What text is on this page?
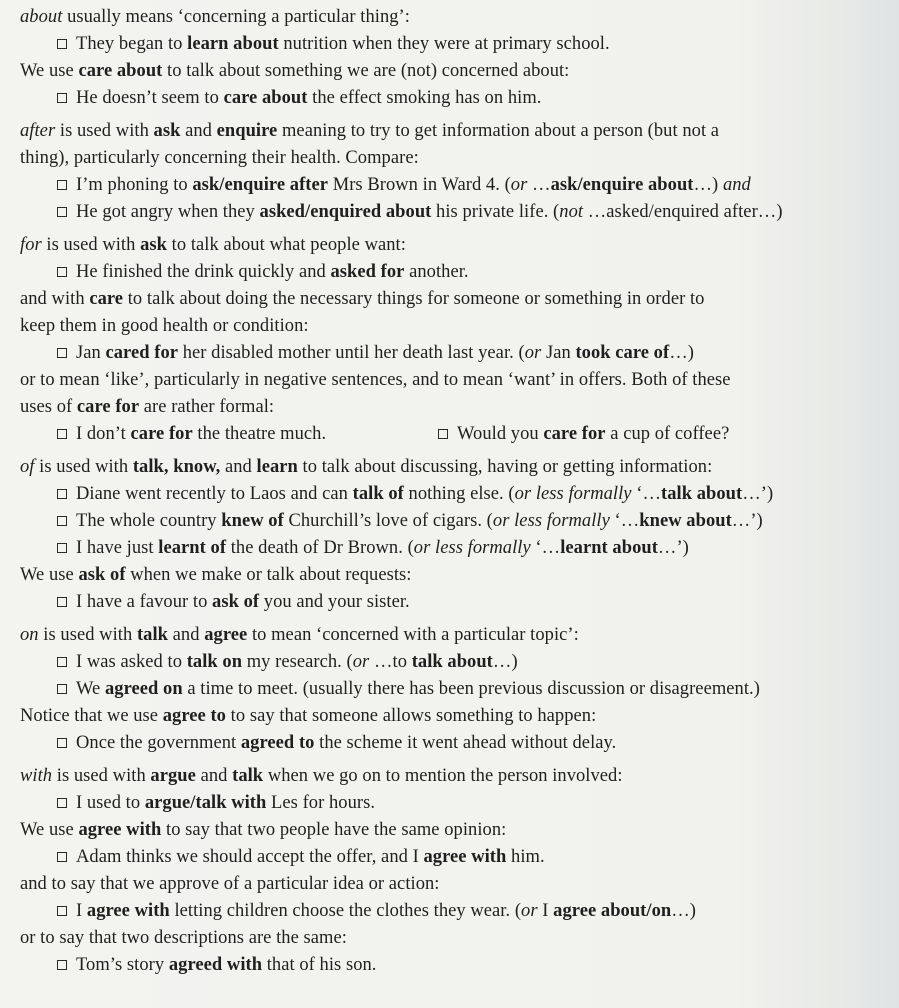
about usually means ‘concerning a particular thing’:
They began to learn about nutrition when they were at primary school.
We use care about to talk about something we are (not) concerned about:
He doesn’t seem to care about the effect smoking has on him.
after is used with ask and enquire meaning to try to get information about a person (but not a
thing), particularly concerning their health. Compare:
I’m phoning to ask/enquire after Mrs Brown in Ward 4. (or …ask/enquire about…) and
He got angry when they asked/enquired about his private life. (not …asked/enquired after…)
for is used with ask to talk about what people want:
He finished the drink quickly and asked for another.
and with care to talk about doing the necessary things for someone or something in order to
keep them in good health or condition:
Jan cared for her disabled mother until her death last year. (or Jan took care of…)
or to mean ‘like’, particularly in negative sentences, and to mean ‘want’ in offers. Both of these
uses of care for are rather formal:
I don’t care for the theatre much.	Would you care for a cup of coffee?
of is used with talk, know, and learn to talk about discussing, having or getting information:
Diane went recently to Laos and can talk of nothing else. (or less formally ‘…talk about…’)
The whole country knew of Churchill’s love of cigars. (or less formally ‘…knew about…’)
I have just learnt of the death of Dr Brown. (or less formally ‘…learnt about…’)
We use ask of when we make or talk about requests:
I have a favour to ask of you and your sister.
on is used with talk and agree to mean ‘concerned with a particular topic’:
I was asked to talk on my research. (or …to talk about…)
We agreed on a time to meet. (usually there has been previous discussion or disagreement.)
Notice that we use agree to to say that someone allows something to happen:
Once the government agreed to the scheme it went ahead without delay.
with is used with argue and talk when we go on to mention the person involved:
I used to argue/talk with Les for hours.
We use agree with to say that two people have the same opinion:
Adam thinks we should accept the offer, and I agree with him.
and to say that we approve of a particular idea or action:
I agree with letting children choose the clothes they wear. (or I agree about/on…)
or to say that two descriptions are the same:
Tom’s story agreed with that of his son.
